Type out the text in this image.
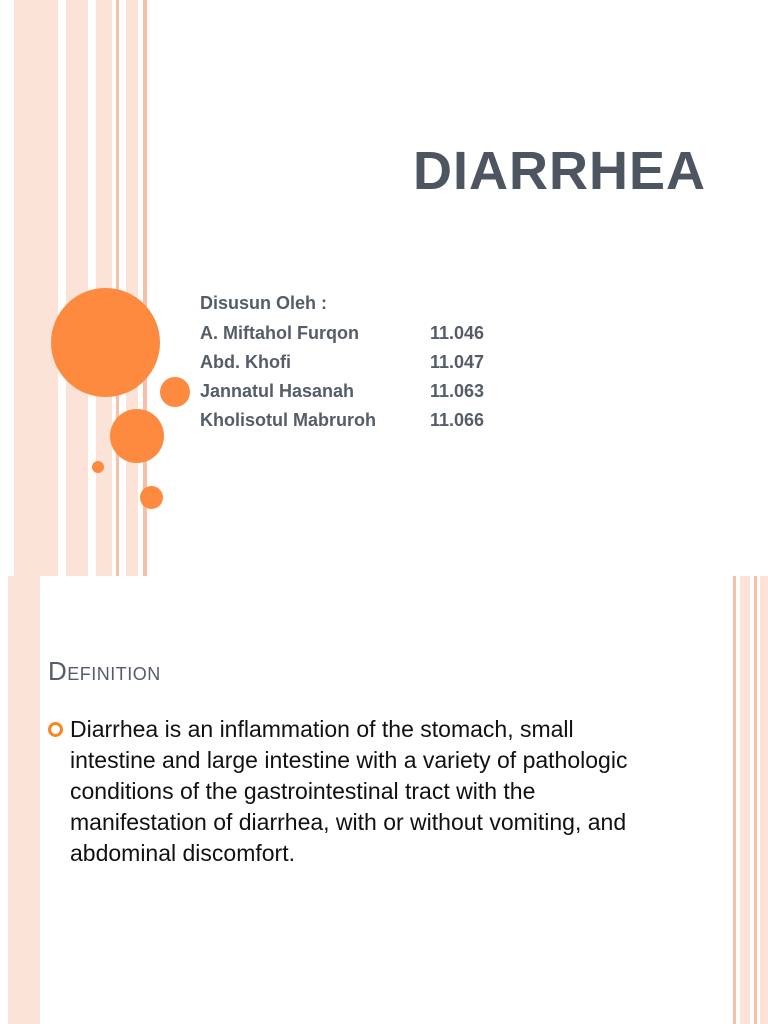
DIARRHEA
Disusun Oleh :
A. Miftahol Furqon	11.046
Abd. Khofi	11.047
Jannatul Hasanah	11.063
Kholisotul Mabruroh	11.066
Definition
Diarrhea is an inflammation of the stomach, small intestine and large intestine with a variety of pathologic conditions of the gastrointestinal tract with the manifestation of diarrhea, with or without vomiting, and abdominal discomfort.
